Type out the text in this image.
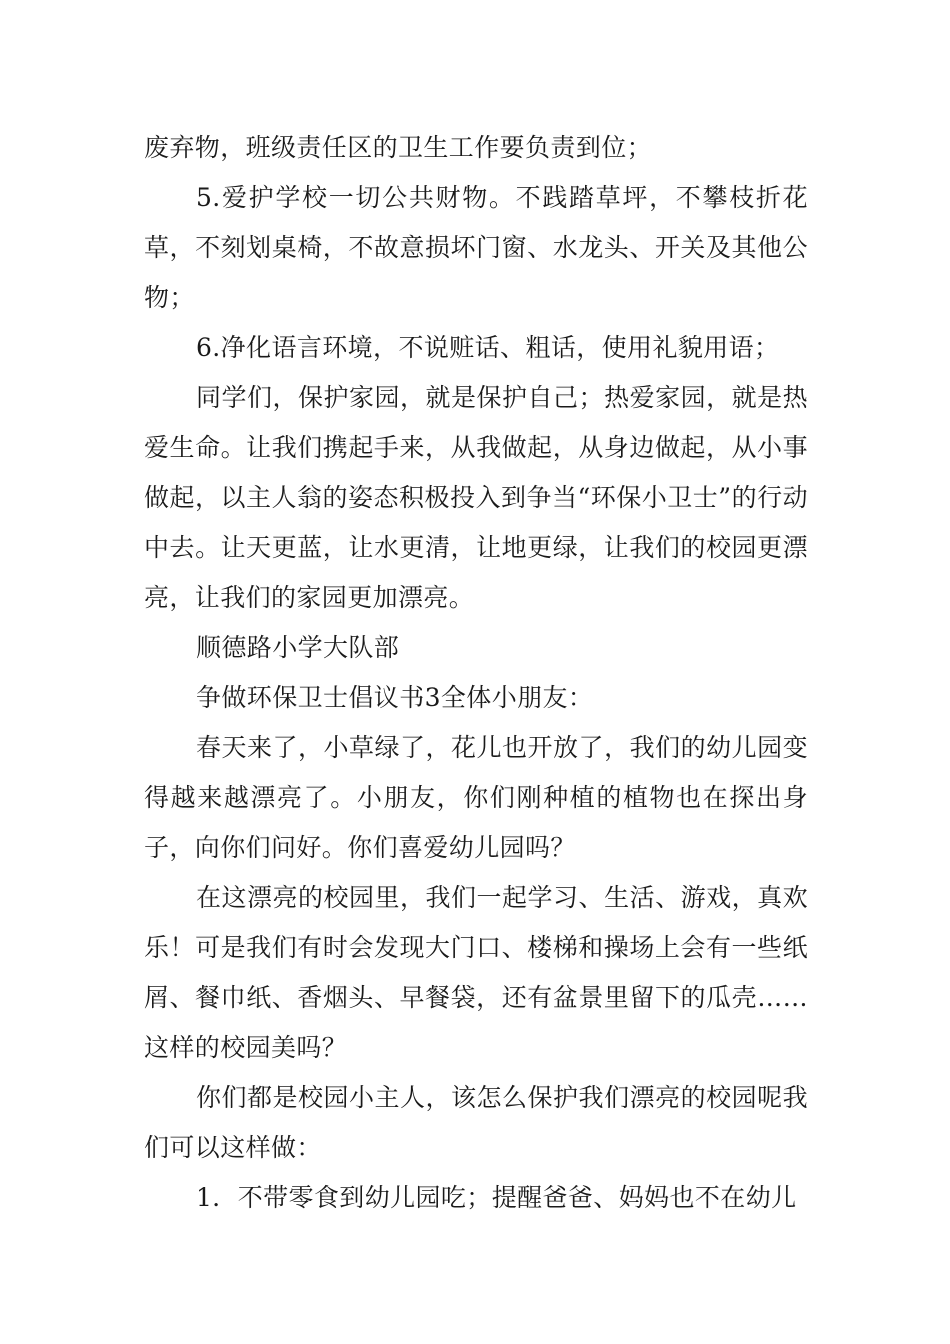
废弃物，班级责任区的卫生工作要负责到位；

5.爱护学校一切公共财物。不践踏草坪，不攀枝折花草，不刻划桌椅，不故意损坏门窗、水龙头、开关及其他公物；

6.净化语言环境，不说赃话、粗话，使用礼貌用语；

同学们，保护家园，就是保护自己；热爱家园，就是热爱生命。让我们携起手来，从我做起，从身边做起，从小事做起，以主人翁的姿态积极投入到争当“环保小卫士”的行动中去。让天更蓝，让水更清，让地更绿，让我们的校园更漂亮，让我们的家园更加漂亮。

顺德路小学大队部

争做环保卫士倡议书3全体小朋友：

春天来了，小草绿了，花儿也开放了，我们的幼儿园变得越来越漂亮了。小朋友，你们刚种植的植物也在探出身子，向你们问好。你们喜爱幼儿园吗？

在这漂亮的校园里，我们一起学习、生活、游戏，真欢乐！可是我们有时会发现大门口、楼梯和操场上会有一些纸屑、餐巾纸、香烟头、早餐袋，还有盆景里留下的瓜壳……这样的校园美吗？

你们都是校园小主人，该怎么保护我们漂亮的校园呢我们可以这样做：

1．不带零食到幼儿园吃；提醒爸爸、妈妈也不在幼儿
